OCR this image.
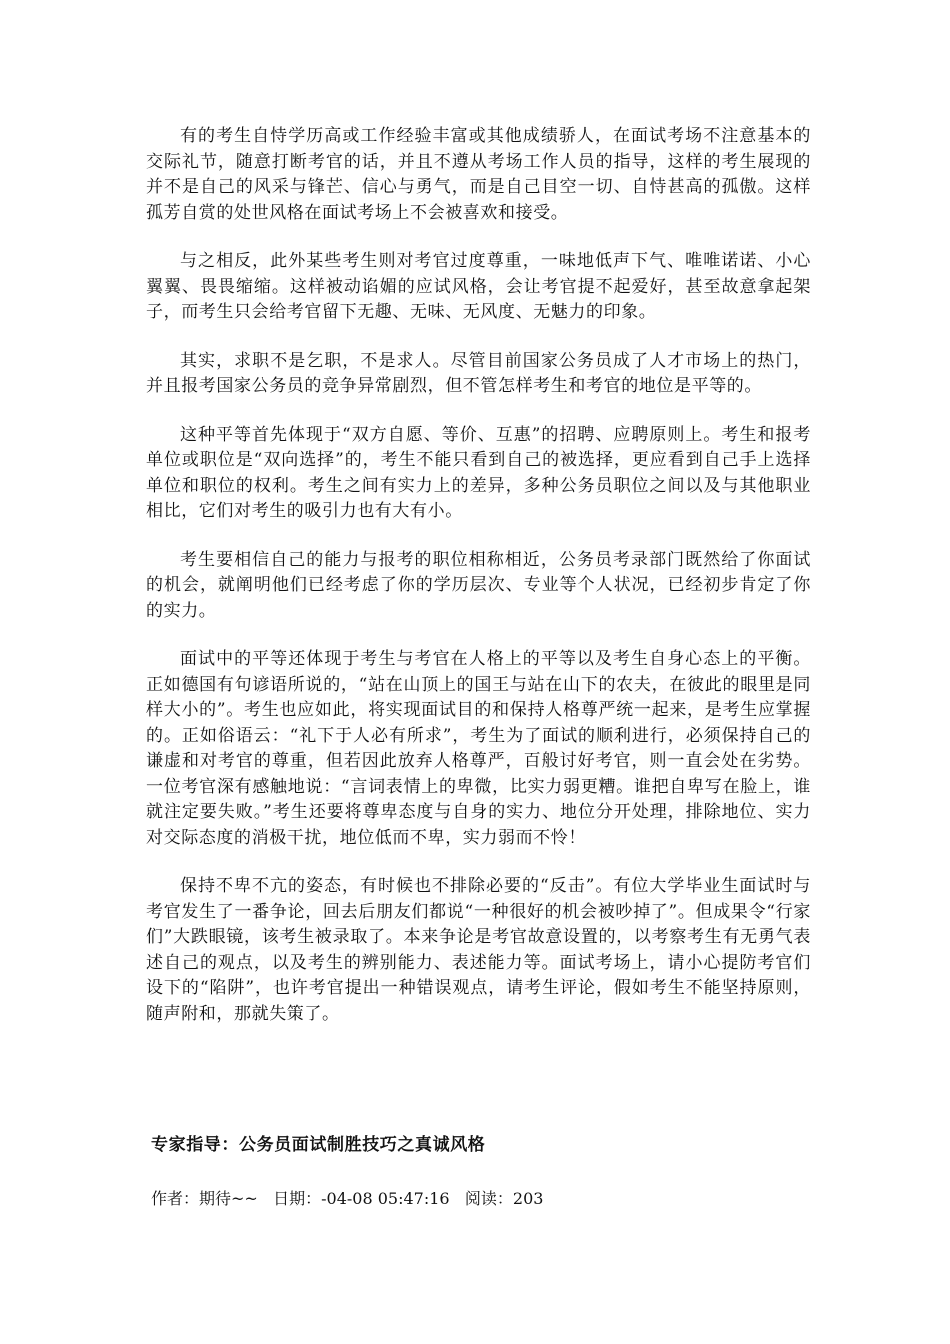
有的考生自恃学历高或工作经验丰富或其他成绩骄人，在面试考场不注意基本的交际礼节，随意打断考官的话，并且不遵从考场工作人员的指导，这样的考生展现的并不是自己的风采与锋芒、信心与勇气，而是自己目空一切、自恃甚高的孤傲。这样孤芳自赏的处世风格在面试考场上不会被喜欢和接受。

与之相反，此外某些考生则对考官过度尊重，一味地低声下气、唯唯诺诺、小心翼翼、畏畏缩缩。这样被动谄媚的应试风格，会让考官提不起爱好，甚至故意拿起架子，而考生只会给考官留下无趣、无味、无风度、无魅力的印象。

其实，求职不是乞职，不是求人。尽管目前国家公务员成了人才市场上的热门，并且报考国家公务员的竞争异常剧烈，但不管怎样考生和考官的地位是平等的。

这种平等首先体现于“双方自愿、等价、互惠”的招聘、应聘原则上。考生和报考单位或职位是“双向选择”的，考生不能只看到自己的被选择，更应看到自己手上选择单位和职位的权利。考生之间有实力上的差异，多种公务员职位之间以及与其他职业相比，它们对考生的吸引力也有大有小。

考生要相信自己的能力与报考的职位相称相近，公务员考录部门既然给了你面试的机会，就阐明他们已经考虑了你的学历层次、专业等个人状况，已经初步肯定了你的实力。

面试中的平等还体现于考生与考官在人格上的平等以及考生自身心态上的平衡。正如德国有句谚语所说的，“站在山顶上的国王与站在山下的农夫，在彼此的眼里是同样大小的”。考生也应如此，将实现面试目的和保持人格尊严统一起来，是考生应掌握的。正如俗语云：“礼下于人必有所求”，考生为了面试的顺利进行，必须保持自己的谦虚和对考官的尊重，但若因此放弃人格尊严，百般讨好考官，则一直会处在劣势。一位考官深有感触地说：“言词表情上的卑微，比实力弱更糟。谁把自卑写在脸上，谁就注定要失败。”考生还要将尊卑态度与自身的实力、地位分开处理，排除地位、实力对交际态度的消极干扰，地位低而不卑，实力弱而不怜！

保持不卑不亢的姿态，有时候也不排除必要的“反击”。有位大学毕业生面试时与考官发生了一番争论，回去后朋友们都说“一种很好的机会被吵掉了”。但成果令“行家们”大跌眼镜，该考生被录取了。本来争论是考官故意设置的，以考察考生有无勇气表述自己的观点，以及考生的辨别能力、表述能力等。面试考场上，请小心提防考官们设下的“陷阱”，也许考官提出一种错误观点，请考生评论，假如考生不能坚持原则，随声附和，那就失策了。

专家指导：公务员面试制胜技巧之真诚风格
作者：期待~~ 日期：-04-08 05:47:16 阅读：203
